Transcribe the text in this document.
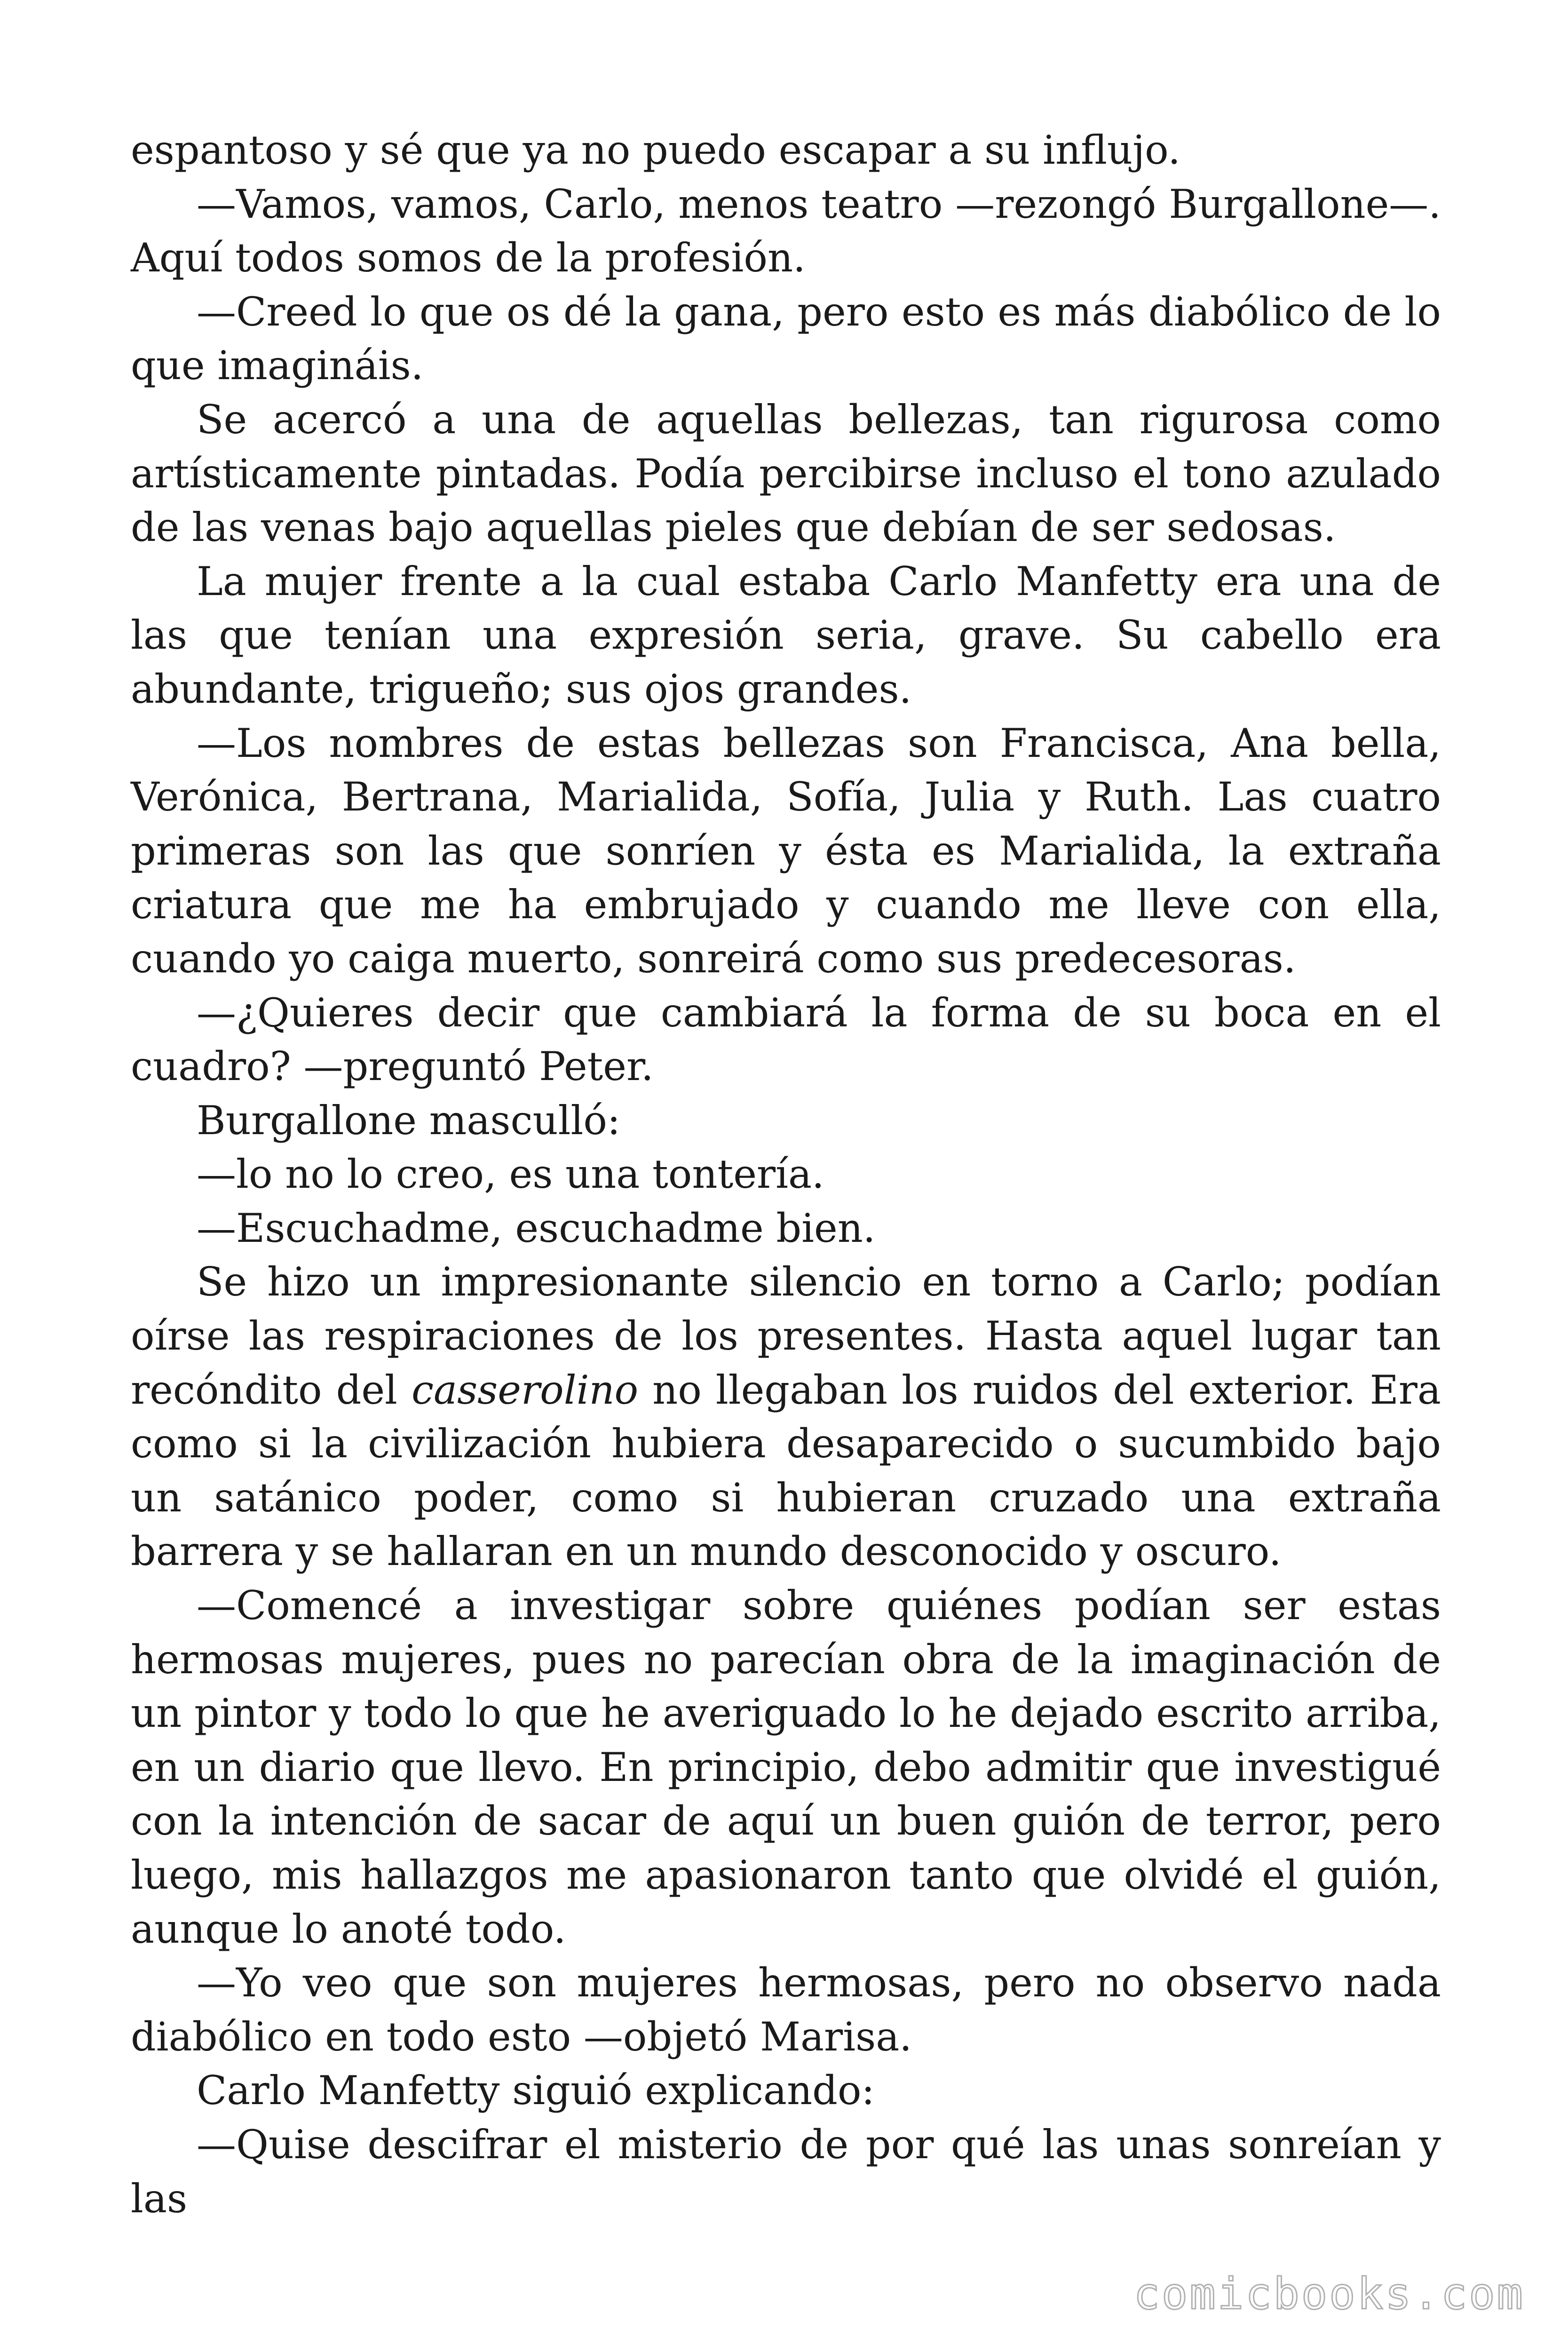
espantoso y sé que ya no puedo escapar a su influjo.

—Vamos, vamos, Carlo, menos teatro —rezongó Burgallone—. Aquí todos somos de la profesión.

—Creed lo que os dé la gana, pero esto es más diabólico de lo que imagináis.

Se acercó a una de aquellas bellezas, tan rigurosa como artísticamente pintadas. Podía percibirse incluso el tono azulado de las venas bajo aquellas pieles que debían de ser sedosas.

La mujer frente a la cual estaba Carlo Manfetty era una de las que tenían una expresión seria, grave. Su cabello era abundante, trigueño; sus ojos grandes.

—Los nombres de estas bellezas son Francisca, Ana bella, Verónica, Bertrana, Marialida, Sofía, Julia y Ruth. Las cuatro primeras son las que sonríen y ésta es Marialida, la extraña criatura que me ha embrujado y cuando me lleve con ella, cuando yo caiga muerto, sonreirá como sus predecesoras.

—¿Quieres decir que cambiará la forma de su boca en el cuadro? —preguntó Peter.

Burgallone masculló:

—lo no lo creo, es una tontería.

—Escuchadme, escuchadme bien.

Se hizo un impresionante silencio en torno a Carlo; podían oírse las respiraciones de los presentes. Hasta aquel lugar tan recóndito del casserolino no llegaban los ruidos del exterior. Era como si la civilización hubiera desaparecido o sucumbido bajo un satánico poder, como si hubieran cruzado una extraña barrera y se hallaran en un mundo desconocido y oscuro.

—Comencé a investigar sobre quiénes podían ser estas hermosas mujeres, pues no parecían obra de la imaginación de un pintor y todo lo que he averiguado lo he dejado escrito arriba, en un diario que llevo. En principio, debo admitir que investigué con la intención de sacar de aquí un buen guión de terror, pero luego, mis hallazgos me apasionaron tanto que olvidé el guión, aunque lo anoté todo.

—Yo veo que son mujeres hermosas, pero no observo nada diabólico en todo esto —objetó Marisa.

Carlo Manfetty siguió explicando:

—Quise descifrar el misterio de por qué las unas sonreían y las

comicbooks.com
